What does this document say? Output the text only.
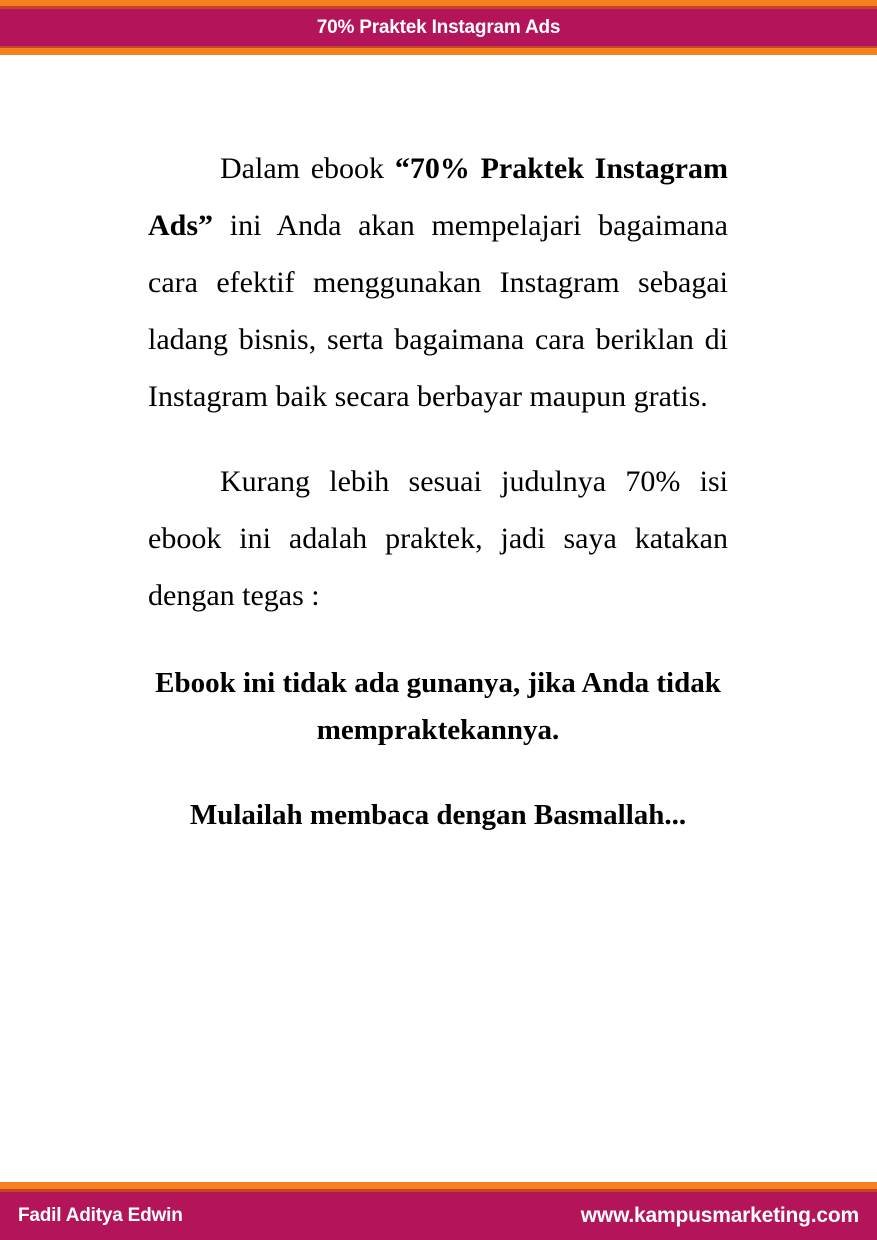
70% Praktek Instagram Ads

Dalam ebook “70% Praktek Instagram Ads” ini Anda akan mempelajari bagaimana cara efektif menggunakan Instagram sebagai ladang bisnis, serta bagaimana cara beriklan di Instagram baik secara berbayar maupun gratis.

Kurang lebih sesuai judulnya 70% isi ebook ini adalah praktek, jadi saya katakan dengan tegas :

Ebook ini tidak ada gunanya, jika Anda tidak mempraktekannya.

Mulailah membaca dengan Basmallah...

Fadil Aditya Edwin	www.kampusmarketing.com
